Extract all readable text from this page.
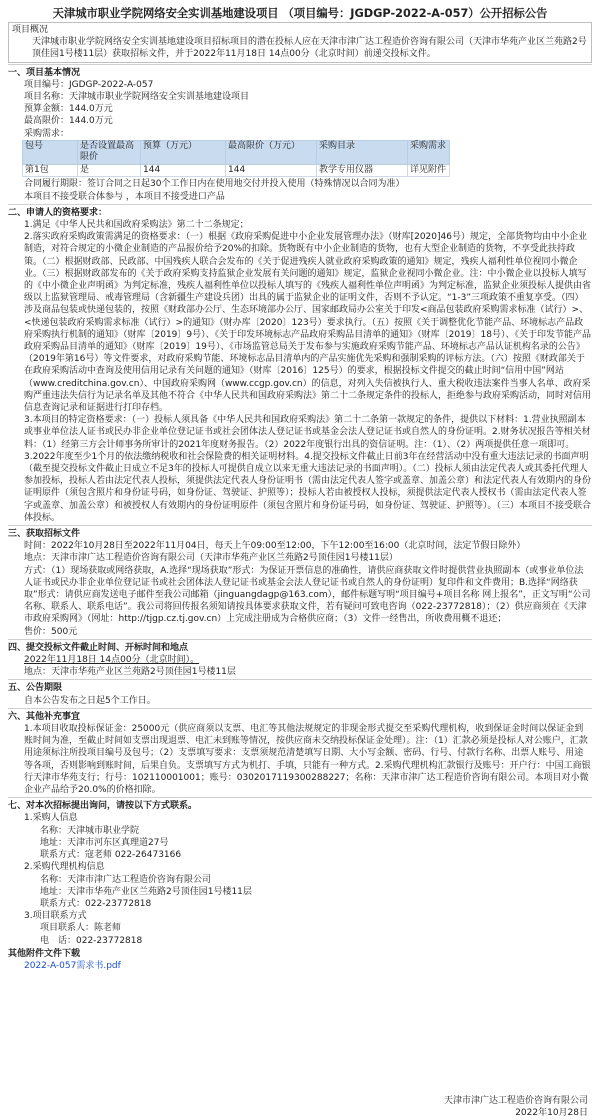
天津城市职业学院网络安全实训基地建设项目 （项目编号：JGDGP-2022-A-057）公开招标公告
项目概况
天津城市职业学院网络安全实训基地建设项目招标项目的潜在投标人应在天津市津广达工程造价咨询有限公司（天津市华苑产业区兰苑路2号顶佳园1号楼11层）获取招标文件，并于2022年11月18日 14点00分（北京时间）前递交投标文件。
一、项目基本情况
项目编号：JGDGP-2022-A-057
项目名称：天津城市职业学院网络安全实训基地建设项目
预算金额：144.0万元
最高限价：144.0万元
采购需求：
包号	是否设置最高限价	预算（万元）	最高限价（万元）	采购目录	采购需求
第1包	是	144	144	教学专用仪器	详见附件
合同履行期限：签订合同之日起30个工作日内在使用地交付并投入使用（特殊情况以合同为准）
本项目不接受联合体参与 ，本项目不接受进口产品
二、申请人的资格要求：
1.满足《中华人民共和国政府采购法》第二十二条规定；
2.落实政府采购政策需满足的资格要求：（一）根据《政府采购促进中小企业发展管理办法》（财库[2020]46号）规定，全部货物均由中小企业制造，对符合规定的小微企业制造的产品报价给予20%的扣除。货物既有中小企业制造的货物，也有大型企业制造的货物，不享受此扶持政策。（二）根据财政部、民政部、中国残疾人联合会发布的《关于促进残疾人就业政府采购政策的通知》规定，残疾人福利性单位视同小微企业。（三）根据财政部发布的《关于政府采购支持监狱企业发展有关问题的通知》规定，监狱企业视同小微企业。注：中小微企业以投标人填写的《中小微企业声明函》为判定标准，残疾人福利性单位以投标人填写的《残疾人福利性单位声明函》为判定标准，监狱企业须投标人提供由省级以上监狱管理局、戒毒管理局（含新疆生产建设兵团）出具的属于监狱企业的证明文件，否则不予认定。“1-3”三项政策不重复享受。（四）涉及商品包装或快递包装的，按照《财政部办公厅、生态环境部办公厅、国家邮政局办公室关于印发<商品包装政府采购需求标准（试行）>、<快递包装政府采购需求标准（试行）>的通知》（财办库〔2020〕123号）要求执行。（五）按照《关于调整优化节能产品、环境标志产品政府采购执行机制的通知》（财库〔2019〕9号）、《关于印发环境标志产品政府采购品目清单的通知》（财库〔2019〕18号）、《关于印发节能产品政府采购品目清单的通知》（财库〔2019〕19号）、《市场监管总局关于发布参与实施政府采购节能产品、环境标志产品认证机构名录的公告》（2019年第16号）等文件要求，对政府采购节能、环境标志品目清单内的产品实施优先采购和强制采购的评标方法。（六）按照《财政部关于在政府采购活动中查询及使用信用记录有关问题的通知》（财库〔2016〕125号）的要求，根据投标文件提交的截止时间“信用中国”网站（www.creditchina.gov.cn）、中国政府采购网（www.ccgp.gov.cn）的信息，对列入失信被执行人、重大税收违法案件当事人名单、政府采购严重违法失信行为记录名单及其他不符合《中华人民共和国政府采购法》第二十二条规定条件的投标人，拒绝参与政府采购活动，同时对信用信息查询记录和证据进行打印存档。
3.本项目的特定资格要求：（一）投标人须具备《中华人民共和国政府采购法》第二十二条第一款规定的条件，提供以下材料：1.营业执照副本或事业单位法人证书或民办非企业单位登记证书或社会团体法人登记证书或基金会法人登记证书或自然人的身份证明。2.财务状况报告等相关材料：（1）经第三方会计师事务所审计的2021年度财务报告。（2）2022年度银行出具的资信证明。注：（1）、（2）两项提供任意一项即可。3.2022年度至少1个月的依法缴纳税收和社会保险费的相关证明材料。4.提交投标文件截止日前3年在经营活动中没有重大违法记录的书面声明（截至提交投标文件截止日成立不足3年的投标人可提供自成立以来无重大违法记录的书面声明）。（二）投标人须由法定代表人或其委托代理人参加投标，投标人若由法定代表人投标，须提供法定代表人身份证明书（需由法定代表人签字或盖章、加盖公章）和法定代表人有效期内的身份证明原件（须包含照片和身份证号码，如身份证、驾驶证、护照等）；投标人若由被授权人投标，须提供法定代表人授权书（需由法定代表人签字或盖章、加盖公章）和被授权人有效期内的身份证明原件（须包含照片和身份证号码，如身份证、驾驶证、护照等）。（三）本项目不接受联合体投标。
三、获取招标文件
时间：2022年10月28日至2022年11月04日，每天上午09:00至12:00，下午12:00至16:00（北京时间，法定节假日除外）
地点：天津市津广达工程造价咨询有限公司（天津市华苑产业区兰苑路2号顶佳园1号楼11层）
方式：（1）现场获取或网络获取，A.选择“现场获取”形式：为保证开票信息的准确性，请供应商获取文件时提供营业执照副本（或事业单位法人证书或民办非企业单位登记证书或社会团体法人登记证书或基金会法人登记证书或自然人的身份证明）复印件和文件费用；B.选择“网络获取”形式：请供应商发送电子邮件至我公司邮箱（jinguangdagp@163.com），邮件标题写明“项目编号+项目名称 网上报名”，正文写明“公司名称、联系人、联系电话”。我公司将回传报名须知请按具体要求获取文件，若有疑问可致电咨询（022-23772818）；（2）供应商须在《天津市政府采购网》（网址：http://tjgp.cz.tj.gov.cn）上完成注册成为合格供应商；（3）文件一经售出，所收费用概不退还；
售价：500元
四、提交投标文件截止时间、开标时间和地点
2022年11月18日 14点00分（北京时间）。
地点：天津市华苑产业区兰苑路2号顶佳园1号楼11层
五、公告期限
自本公告发布之日起5个工作日。
六、其他补充事宜
1.本项目收取投标保证金：25000元（供应商须以支票、电汇等其他法规规定的非现金形式提交至采购代理机构，收到保证金时间以保证金到账时间为准，至截止时间如支票出现退票、电汇未到账等情况，按供应商未交纳投标保证金处理）。注：（1）汇款必须是投标人对公账户，汇款用途须标注所投项目编号及包号；（2）支票填写要求：支票须规范清楚填写日期、大小写金额、密码、行号、付款行名称、出票人账号、用途等各项，否则影响到账时间，后果自负。支票填写方式为机打、手填，只能有一种方式。2.采购代理机构汇款银行及账号：开户行：中国工商银行天津市华苑支行；行号：102110001001；账号：0302017119300288227；名称：天津市津广达工程造价咨询有限公司。本项目对小微企业产品给予20.0%的价格扣除。
七、对本次招标提出询问，请按以下方式联系。
1.采购人信息
名称：天津城市职业学院
地址：天津市河东区真理道27号
联系方式：寇老师 022-26473166
2.采购代理机构信息
名称：天津市津广达工程造价咨询有限公司
地址：天津市华苑产业区兰苑路2号顶佳园1号楼11层
联系方式：022-23772818
3.项目联系方式
项目联系人：陈老师
电　话：022-23772818
其他附件文件下载
2022-A-057需求书.pdf
天津市津广达工程造价咨询有限公司
2022年10月28日
